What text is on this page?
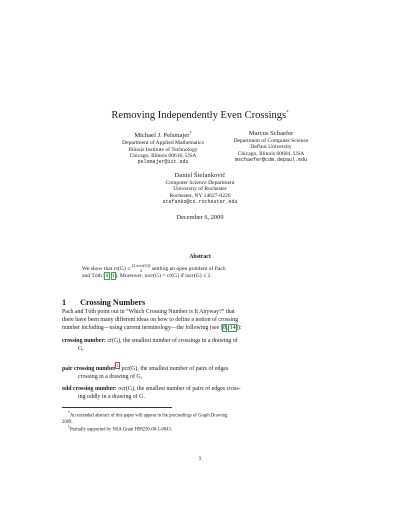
Removing Independently Even Crossings*
Michael J. Pelsmajer†
Department of Applied Mathematics
Illinois Institute of Technology
Chicago, Illinois 60616, USA
pelsmajer@iit.edu
Marcus Schaefer
Department of Computer Science
DePaul University
Chicago, Illinois 60604, USA
mschaefer@cdm.depaul.edu
Daniel Štefankovič
Computer Science Department
University of Rochester
Rochester, NY 14627-0226
stefanko@cs.rochester.edu
December 6, 2009
Abstract
We show that cr(G) ≤ (2 iocr(G))
2 settling an open problem of Pach
and Tóth [4, 1]. Moreover, iocr(G) = cr(G) if iocr(G) ≤ 2.
1 Crossing Numbers
Pach and Tóth point out in “Which Crossing Number is It Anyway?” that
there have been many different ideas on how to define a notion of crossing
number including—using current terminology—the following (see [8, 14]):
crossing number: cr(G), the smallest number of crossings in a drawing of
G,
pair crossing number$^1$: pcr(G), the smallest number of pairs of edges
crossing in a drawing of G,
odd crossing number: ocr(G), the smallest number of pairs of edges cross-
ing oddly in a drawing of G.
*An extended abstract of this paper will appear in the proceedings of Graph Drawing
2009.
†Partially supported by NSA Grant H98230-08-1-0043.
1
